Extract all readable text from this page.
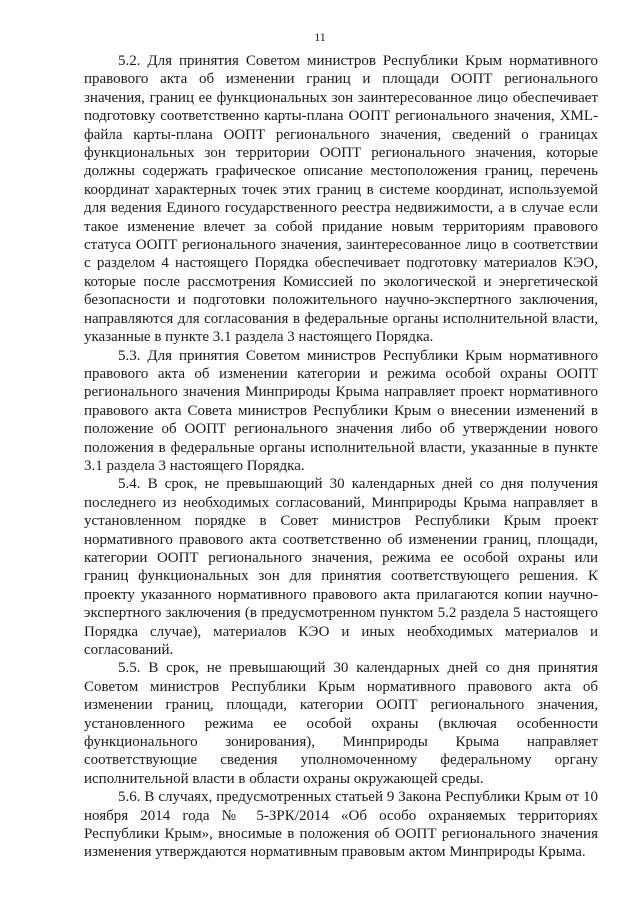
11

5.2. Для принятия Советом министров Республики Крым нормативного правового акта об изменении границ и площади ООПТ регионального значения, границ ее функциональных зон заинтересованное лицо обеспечивает подготовку соответственно карты-плана ООПТ регионального значения, XML-файла карты-плана ООПТ регионального значения, сведений о границах функциональных зон территории ООПТ регионального значения, которые должны содержать графическое описание местоположения границ, перечень координат характерных точек этих границ в системе координат, используемой для ведения Единого государственного реестра недвижимости, а в случае если такое изменение влечет за собой придание новым территориям правового статуса ООПТ регионального значения, заинтересованное лицо в соответствии с разделом 4 настоящего Порядка обеспечивает подготовку материалов КЭО, которые после рассмотрения Комиссией по экологической и энергетической безопасности и подготовки положительного научно-экспертного заключения, направляются для согласования в федеральные органы исполнительной власти, указанные в пункте 3.1 раздела 3 настоящего Порядка.

5.3. Для принятия Советом министров Республики Крым нормативного правового акта об изменении категории и режима особой охраны ООПТ регионального значения Минприроды Крыма направляет проект нормативного правового акта Совета министров Республики Крым о внесении изменений в положение об ООПТ регионального значения либо об утверждении нового положения в федеральные органы исполнительной власти, указанные в пункте 3.1 раздела 3 настоящего Порядка.

5.4. В срок, не превышающий 30 календарных дней со дня получения последнего из необходимых согласований, Минприроды Крыма направляет в установленном порядке в Совет министров Республики Крым проект нормативного правового акта соответственно об изменении границ, площади, категории ООПТ регионального значения, режима ее особой охраны или границ функциональных зон для принятия соответствующего решения. К проекту указанного нормативного правового акта прилагаются копии научно-экспертного заключения (в предусмотренном пунктом 5.2 раздела 5 настоящего Порядка случае), материалов КЭО и иных необходимых материалов и согласований.

5.5. В срок, не превышающий 30 календарных дней со дня принятия Советом министров Республики Крым нормативного правового акта об изменении границ, площади, категории ООПТ регионального значения, установленного режима ее особой охраны (включая особенности функционального зонирования), Минприроды Крыма направляет соответствующие сведения уполномоченному федеральному органу исполнительной власти в области охраны окружающей среды.

5.6. В случаях, предусмотренных статьей 9 Закона Республики Крым от 10 ноября 2014 года № 5-ЗРК/2014 «Об особо охраняемых территориях Республики Крым», вносимые в положения об ООПТ регионального значения изменения утверждаются нормативным правовым актом Минприроды Крыма.
